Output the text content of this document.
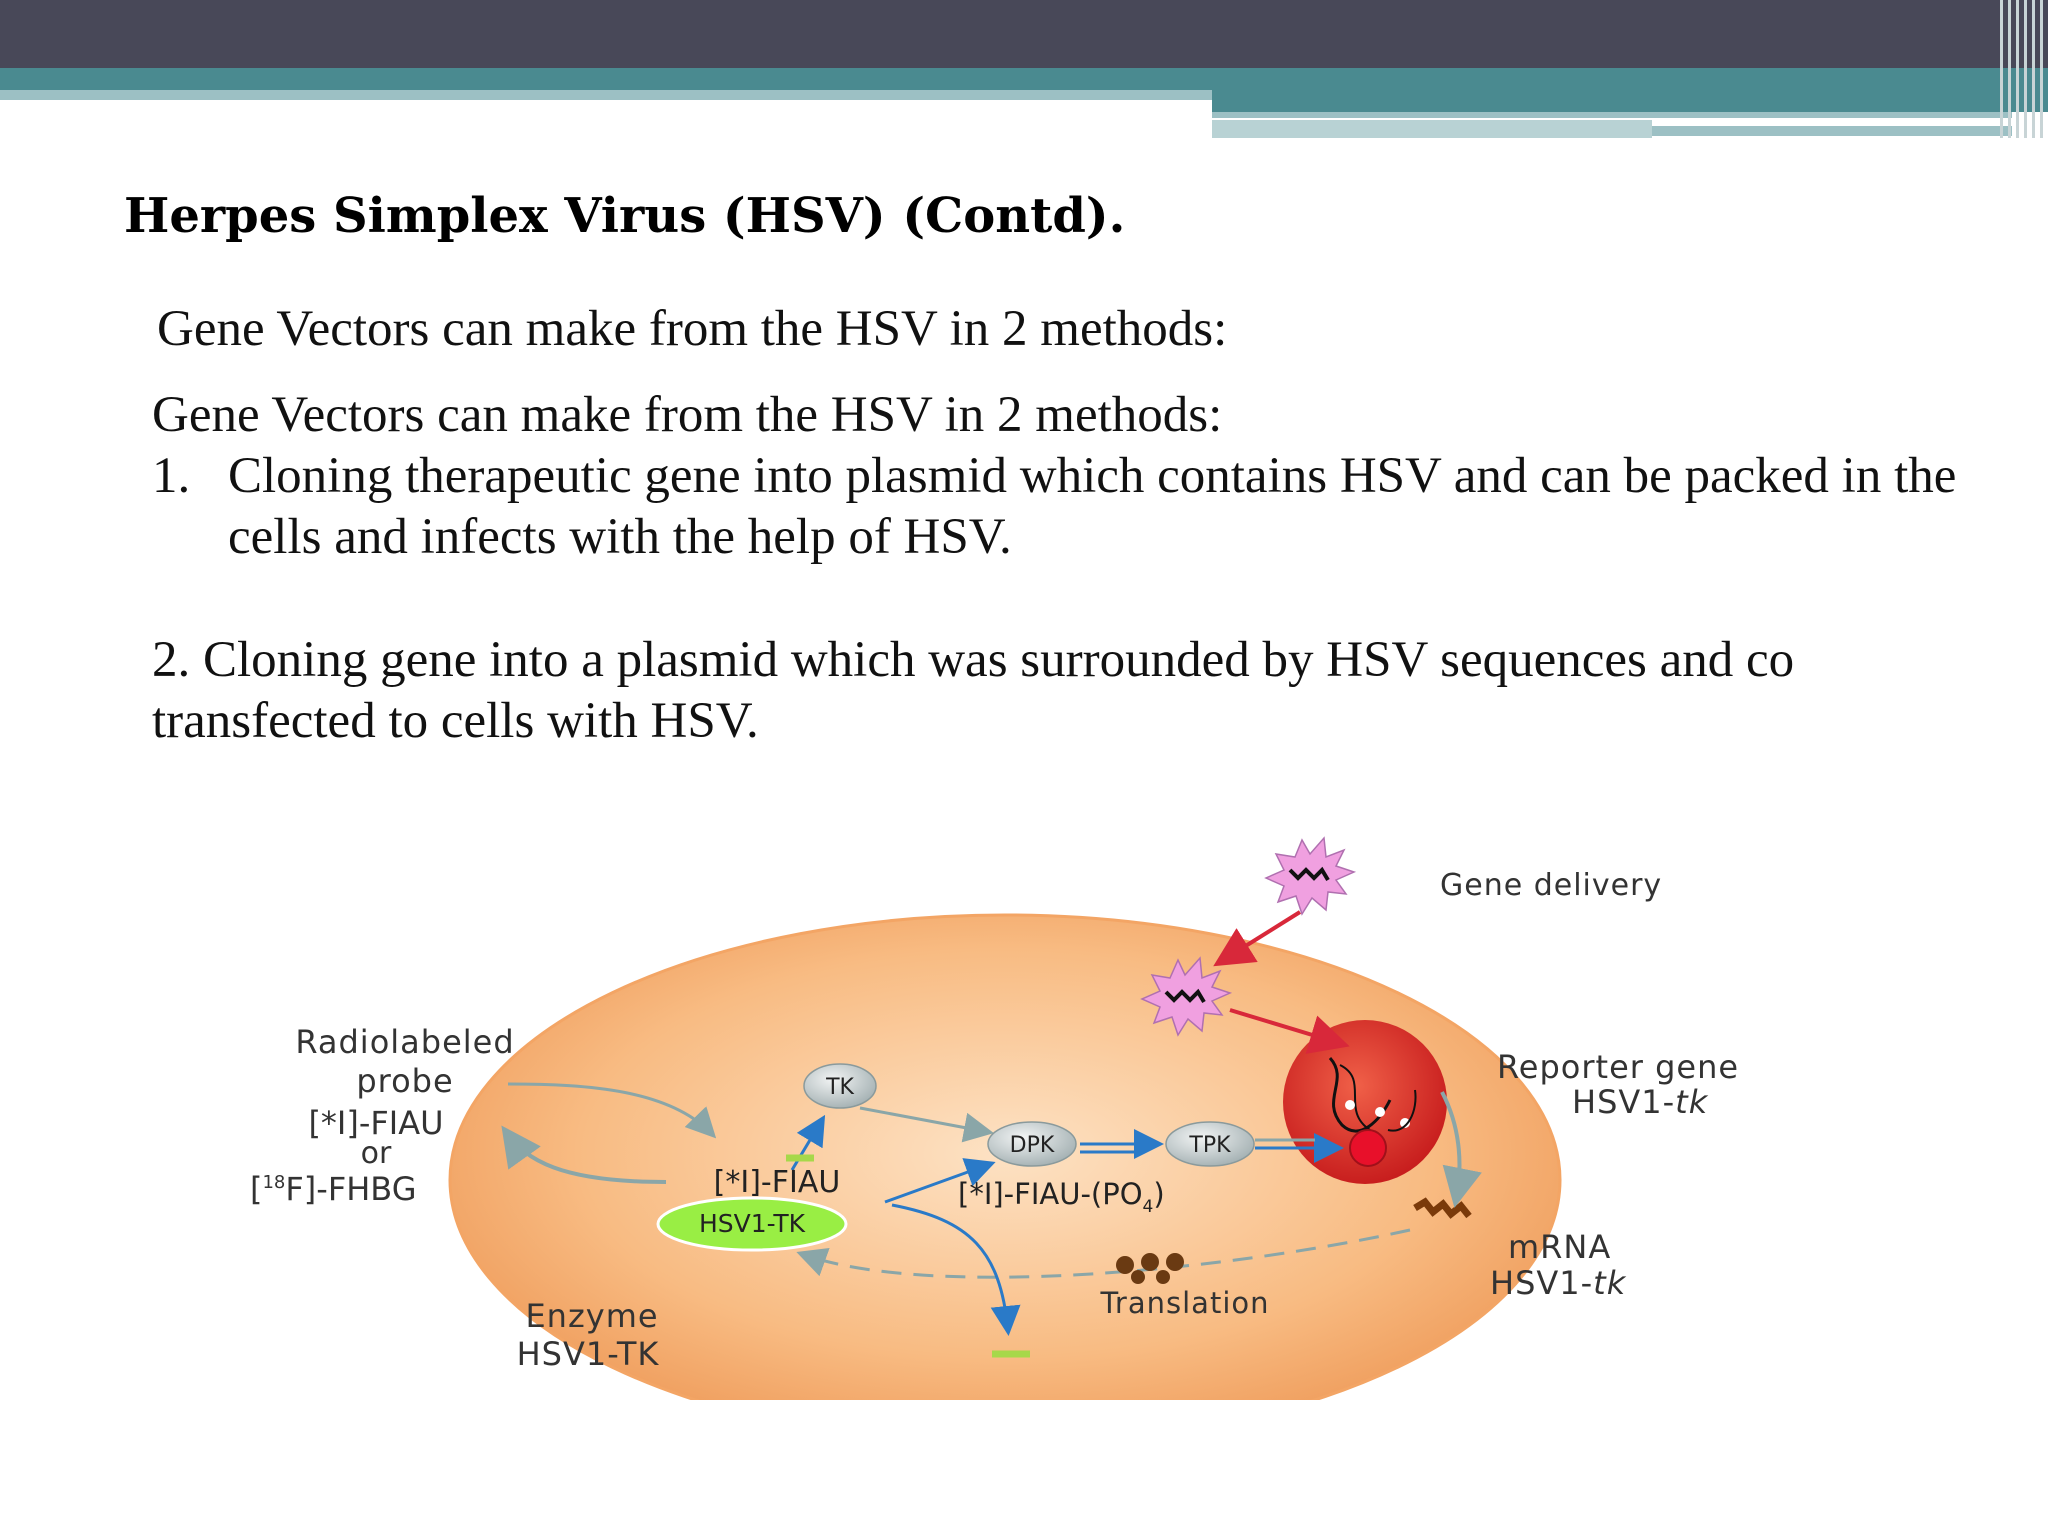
Herpes Simplex Virus (HSV) (Contd).

Gene Vectors can make from the HSV in 2 methods:

Gene Vectors can make from the HSV in 2 methods:

1. Cloning therapeutic gene into plasmid which contains HSV and can be packed in the cells and infects with the help of HSV.

2. Cloning gene into a plasmid which was surrounded by HSV sequences and co transfected to cells with HSV.

TK
DPK	TPK
HSV1-TK
[*I]-FIAU	$[*I]-FIAU-(PO_4)$
Gene delivery
Radiolabeled
probe
[*I]-FIAU
or
[$^{18}$F]-FHBG
Reporter gene
HSV1-tk
mRNA
HSV1-tk
Translation
Enzyme
HSV1-TK
